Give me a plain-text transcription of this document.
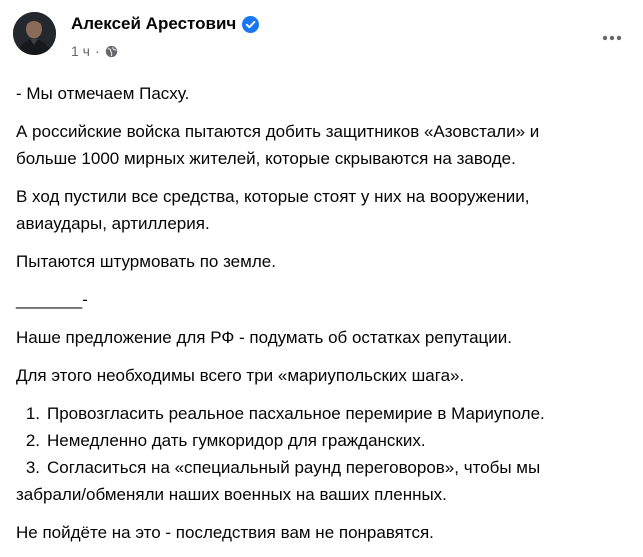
Алексей Арестович
1 ч ·

- Мы отмечаем Пасху.

А российские войска пытаются добить защитников «Азовстали» и
больше 1000 мирных жителей, которые скрываются на заводе.

В ход пустили все средства, которые стоят у них на вооружении,
авиаудары, артиллерия.

Пытаются штурмовать по земле.

_______-

Наше предложение для РФ - подумать об остатках репутации.

Для этого необходимы всего три «мариупольских шага».

1. Провозгласить реальное пасхальное перемирие в Мариуполе.
2. Немедленно дать гумкоридор для гражданских.
3. Согласиться на «специальный раунд переговоров», чтобы мы
забрали/обменяли наших военных на ваших пленных.

Не пойдёте на это - последствия вам не понравятся.
